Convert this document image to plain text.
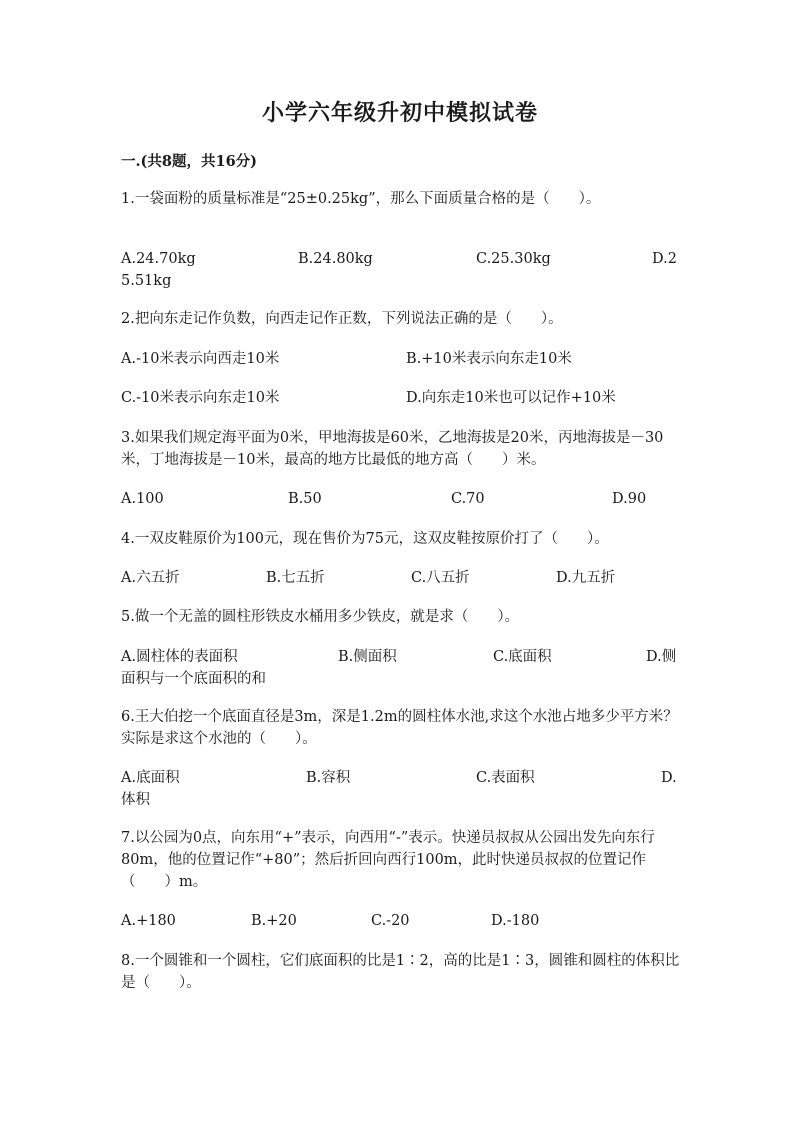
小学六年级升初中模拟试卷
一.(共8题，共16分)
1.一袋面粉的质量标准是“25±0.25kg”，那么下面质量合格的是（　　）。
A.24.70kg	B.24.80kg	C.25.30kg	D.2
5.51kg
2.把向东走记作负数，向西走记作正数，下列说法正确的是（　　）。
A.-10米表示向西走10米	B.+10米表示向东走10米
C.-10米表示向东走10米	D.向东走10米也可以记作+10米
3.如果我们规定海平面为0米，甲地海拔是60米，乙地海拔是20米，丙地海拔是－30米，丁地海拔是－10米，最高的地方比最低的地方高（　　）米。
A.100	B.50	C.70	D.90
4.一双皮鞋原价为100元，现在售价为75元，这双皮鞋按原价打了（　　）。
A.六五折	B.七五折	C.八五折	D.九五折
5.做一个无盖的圆柱形铁皮水桶用多少铁皮，就是求（　　）。
A.圆柱体的表面积	B.侧面积	C.底面积	D.侧
面积与一个底面积的和
6.王大伯挖一个底面直径是3m，深是1.2m的圆柱体水池,求这个水池占地多少平方米？实际是求这个水池的（　　）。
A.底面积	B.容积	C.表面积	D.
体积
7.以公园为0点，向东用“+”表示，向西用“-”表示。快递员叔叔从公园出发先向东行80m，他的位置记作“+80”；然后折回向西行100m，此时快递员叔叔的位置记作（　　）m。
A.+180	B.+20	C.-20	D.-180
8.一个圆锥和一个圆柱，它们底面积的比是1∶2，高的比是1∶3，圆锥和圆柱的体积比是（　　）。
